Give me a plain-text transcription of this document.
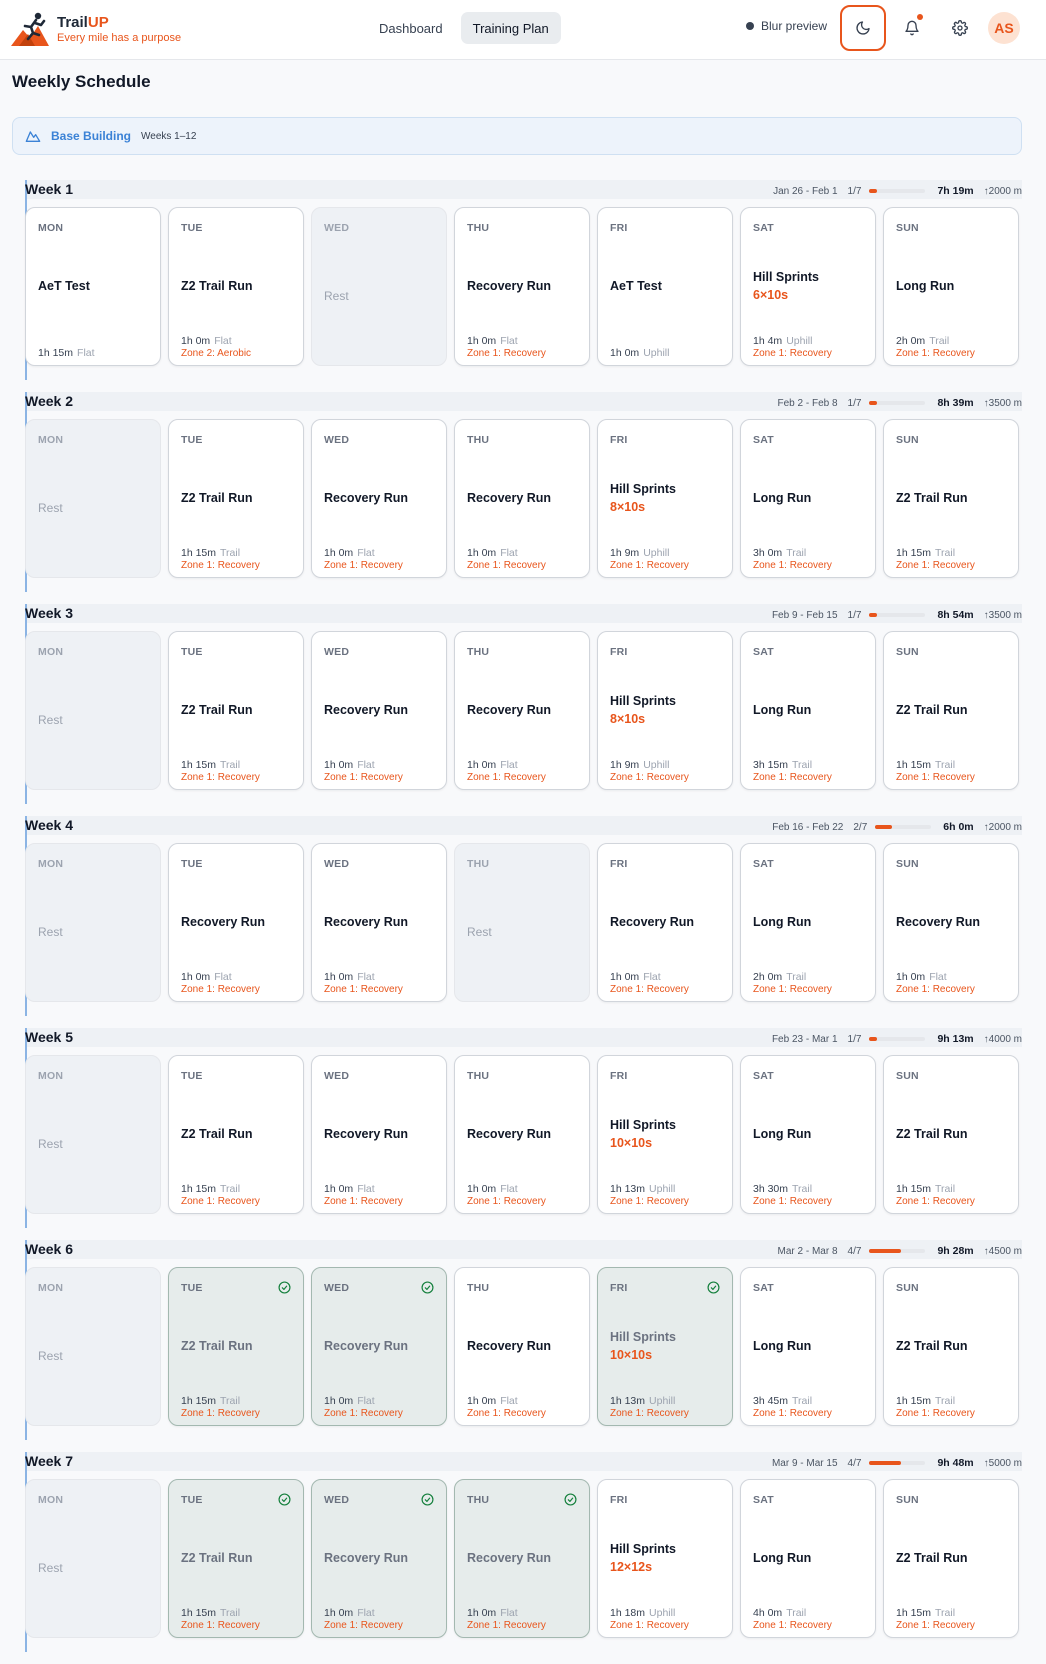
TrailUP
Every mile has a purpose
Dashboard	Training Plan	Blur preview	AS
Weekly Schedule
Base Building Weeks 1–12
Week 1	Jan 26 - Feb 1 1/7	7h 19m ↑2000 m
MON
AeT Test
1h 15m Flat
TUE
Z2 Trail Run
1h 0m Flat
Zone 2: Aerobic
WED
Rest
THU
Recovery Run
1h 0m Flat
Zone 1: Recovery
FRI
AeT Test
1h 0m Uphill
SAT
Hill Sprints
6×10s
1h 4m Uphill
Zone 1: Recovery
SUN
Long Run
2h 0m Trail
Zone 1: Recovery
Week 2	Feb 2 - Feb 8 1/7	8h 39m ↑3500 m
MON
Rest
TUE
Z2 Trail Run
1h 15m Trail
Zone 1: Recovery
WED
Recovery Run
1h 0m Flat
Zone 1: Recovery
THU
Recovery Run
1h 0m Flat
Zone 1: Recovery
FRI
Hill Sprints
8×10s
1h 9m Uphill
Zone 1: Recovery
SAT
Long Run
3h 0m Trail
Zone 1: Recovery
SUN
Z2 Trail Run
1h 15m Trail
Zone 1: Recovery
Week 3	Feb 9 - Feb 15 1/7	8h 54m ↑3500 m
MON
Rest
TUE
Z2 Trail Run
1h 15m Trail
Zone 1: Recovery
WED
Recovery Run
1h 0m Flat
Zone 1: Recovery
THU
Recovery Run
1h 0m Flat
Zone 1: Recovery
FRI
Hill Sprints
8×10s
1h 9m Uphill
Zone 1: Recovery
SAT
Long Run
3h 15m Trail
Zone 1: Recovery
SUN
Z2 Trail Run
1h 15m Trail
Zone 1: Recovery
Week 4	Feb 16 - Feb 22 2/7	6h 0m ↑2000 m
MON
Rest
TUE
Recovery Run
1h 0m Flat
Zone 1: Recovery
WED
Recovery Run
1h 0m Flat
Zone 1: Recovery
THU
Rest
FRI
Recovery Run
1h 0m Flat
Zone 1: Recovery
SAT
Long Run
2h 0m Trail
Zone 1: Recovery
SUN
Recovery Run
1h 0m Flat
Zone 1: Recovery
Week 5	Feb 23 - Mar 1 1/7	9h 13m ↑4000 m
MON
Rest
TUE
Z2 Trail Run
1h 15m Trail
Zone 1: Recovery
WED
Recovery Run
1h 0m Flat
Zone 1: Recovery
THU
Recovery Run
1h 0m Flat
Zone 1: Recovery
FRI
Hill Sprints
10×10s
1h 13m Uphill
Zone 1: Recovery
SAT
Long Run
3h 30m Trail
Zone 1: Recovery
SUN
Z2 Trail Run
1h 15m Trail
Zone 1: Recovery
Week 6	Mar 2 - Mar 8 4/7	9h 28m ↑4500 m
MON
Rest
TUE
Z2 Trail Run
1h 15m Trail
Zone 1: Recovery
WED
Recovery Run
1h 0m Flat
Zone 1: Recovery
THU
Recovery Run
1h 0m Flat
Zone 1: Recovery
FRI
Hill Sprints
10×10s
1h 13m Uphill
Zone 1: Recovery
SAT
Long Run
3h 45m Trail
Zone 1: Recovery
SUN
Z2 Trail Run
1h 15m Trail
Zone 1: Recovery
Week 7	Mar 9 - Mar 15 4/7	9h 48m ↑5000 m
MON
Rest
TUE
Z2 Trail Run
1h 15m Trail
Zone 1: Recovery
WED
Recovery Run
1h 0m Flat
Zone 1: Recovery
THU
Recovery Run
1h 0m Flat
Zone 1: Recovery
FRI
Hill Sprints
12×12s
1h 18m Uphill
Zone 1: Recovery
SAT
Long Run
4h 0m Trail
Zone 1: Recovery
SUN
Z2 Trail Run
1h 15m Trail
Zone 1: Recovery
